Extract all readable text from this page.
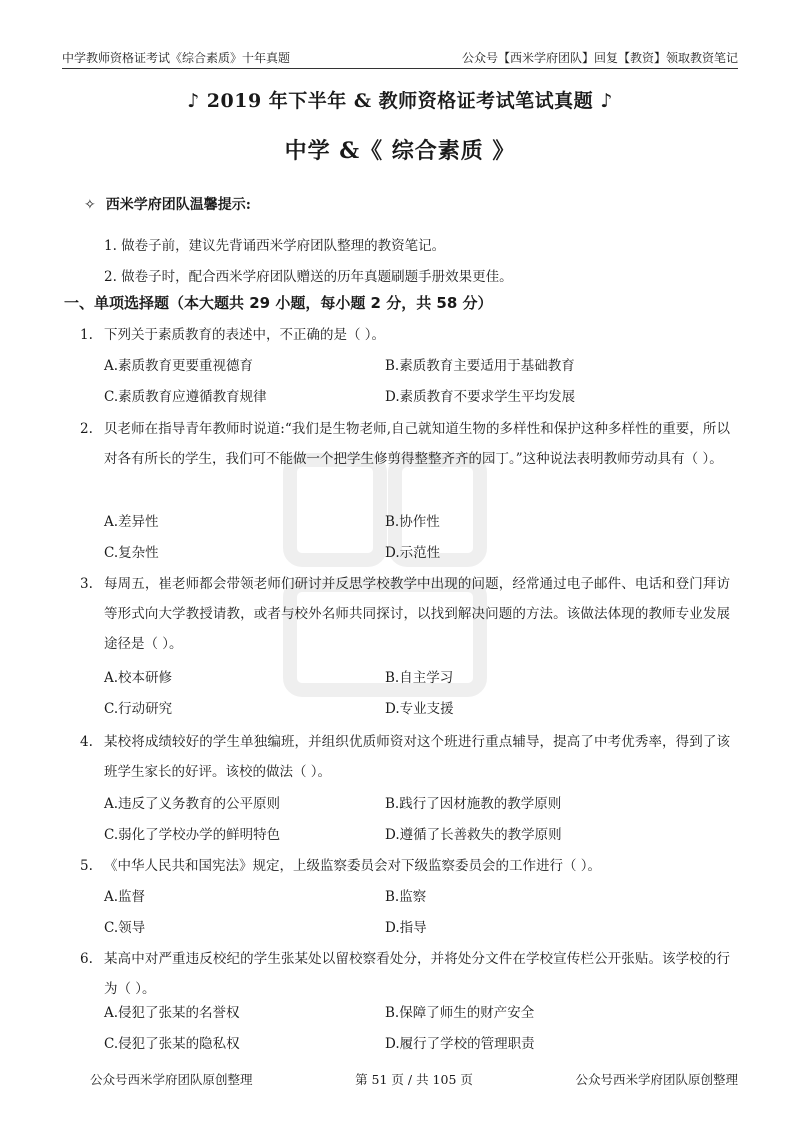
中学教师资格证考试《综合素质》十年真题	公众号【西米学府团队】回复【教资】领取教资笔记
♪ 2019 年下半年 & 教师资格证考试笔试真题 ♪
中学 &《 综合素质 》
✧ 西米学府团队温馨提示:
1. 做卷子前，建议先背诵西米学府团队整理的教资笔记。
2. 做卷子时，配合西米学府团队赠送的历年真题刷题手册效果更佳。
一、单项选择题（本大题共 29 小题，每小题 2 分，共 58 分）
1. 下列关于素质教育的表述中，不正确的是（ ）。
A.素质教育更要重视德育	B.素质教育主要适用于基础教育
C.素质教育应遵循教育规律	D.素质教育不要求学生平均发展
2. 贝老师在指导青年教师时说道:“我们是生物老师,自己就知道生物的多样性和保护这种多样性的重要，所以对各有所长的学生，我们可不能做一个把学生修剪得整整齐齐的园丁。”这种说法表明教师劳动具有（ ）。
A.差异性	B.协作性
C.复杂性	D.示范性
3. 每周五，崔老师都会带领老师们研讨并反思学校教学中出现的问题，经常通过电子邮件、电话和登门拜访等形式向大学教授请教，或者与校外名师共同探讨，以找到解决问题的方法。该做法体现的教师专业发展途径是（ ）。
A.校本研修	B.自主学习
C.行动研究	D.专业支援
4. 某校将成绩较好的学生单独编班，并组织优质师资对这个班进行重点辅导，提高了中考优秀率，得到了该班学生家长的好评。该校的做法（ ）。
A.违反了义务教育的公平原则	B.践行了因材施教的教学原则
C.弱化了学校办学的鲜明特色	D.遵循了长善救失的教学原则
5. 《中华人民共和国宪法》规定，上级监察委员会对下级监察委员会的工作进行（ ）。
A.监督	B.监察
C.领导	D.指导
6. 某高中对严重违反校纪的学生张某处以留校察看处分，并将处分文件在学校宣传栏公开张贴。该学校的行为（ ）。
A.侵犯了张某的名誉权	B.保障了师生的财产安全
C.侵犯了张某的隐私权	D.履行了学校的管理职责
公众号西米学府团队原创整理	第 51 页 / 共 105 页	公众号西米学府团队原创整理
